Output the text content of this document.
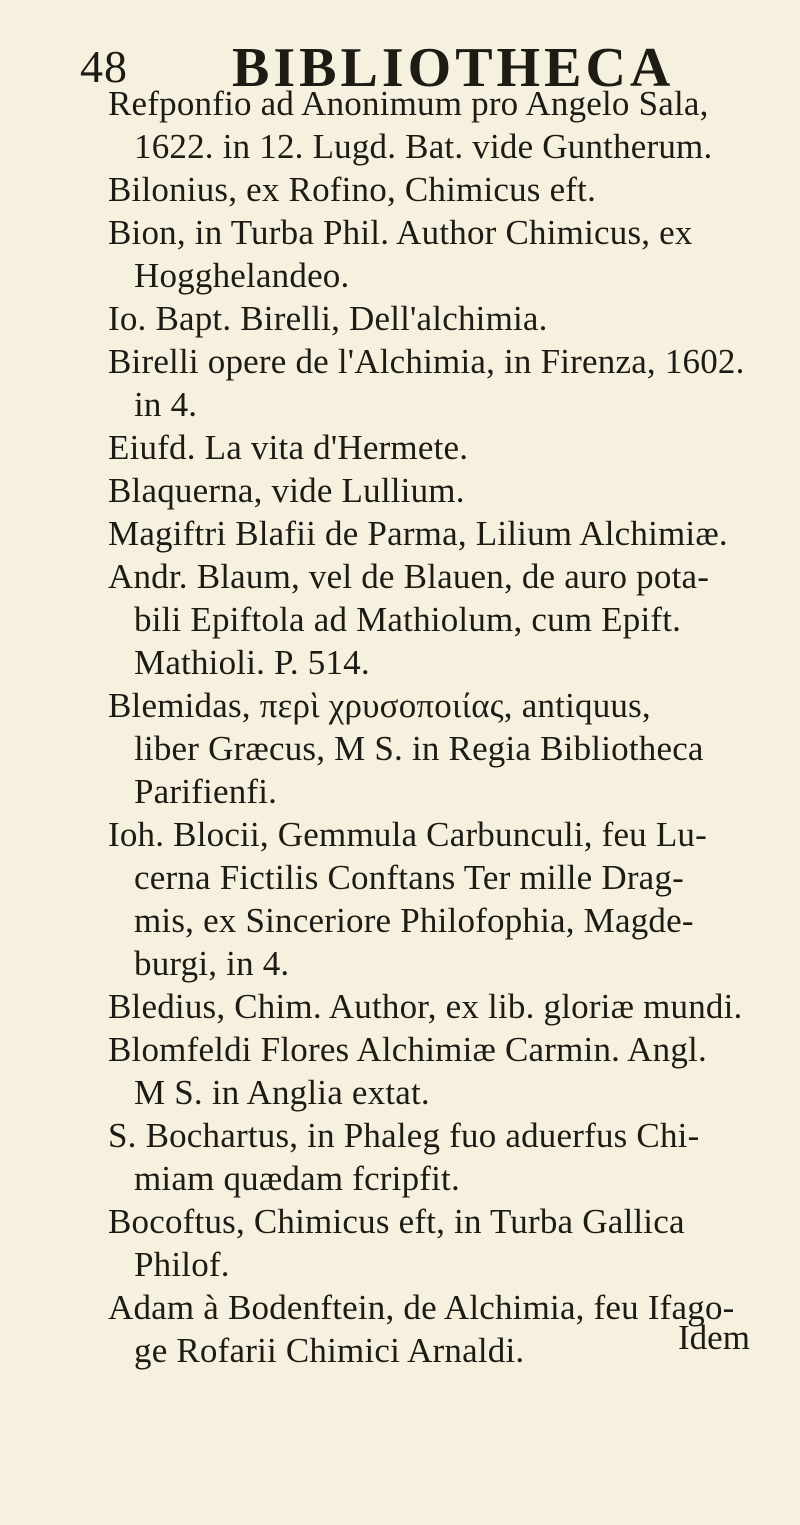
48 BIBLIOTHECA
Refponfio ad Anonimum pro Angelo Sala,
1622. in 12. Lugd. Bat. vide Guntherum.
Bilonius, ex Rofino, Chimicus eft.
Bion, in Turba Phil. Author Chimicus, ex
Hogghelandeo.
Io. Bapt. Birelli, Dell'alchimia.
Birelli opere de l'Alchimia, in Firenza, 1602.
in 4.
Eiufd. La vita d'Hermete.
Blaquerna, vide Lullium.
Magiftri Blafii de Parma, Lilium Alchimiæ.
Andr. Blaum, vel de Blauen, de auro pota-
bili Epiftola ad Mathiolum, cum Epift.
Mathioli. P. 514.
Blemidas, περὶ χρυσοποιίας, antiquus,
liber Græcus, M S. in Regia Bibliotheca
Parifienfi.
Ioh. Blocii, Gemmula Carbunculi, feu Lu-
cerna Fictilis Conftans Ter mille Drag-
mis, ex Sinceriore Philofophia, Magde-
burgi, in 4.
Bledius, Chim. Author, ex lib. gloriæ mundi.
Blomfeldi Flores Alchimiæ Carmin. Angl.
M S. in Anglia extat.
S. Bochartus, in Phaleg fuo aduerfus Chi-
miam quædam fcripfit.
Bocoftus, Chimicus eft, in Turba Gallica
Philof.
Adam à Bodenftein, de Alchimia, feu Ifago-
ge Rofarii Chimici Arnaldi.	Idem
